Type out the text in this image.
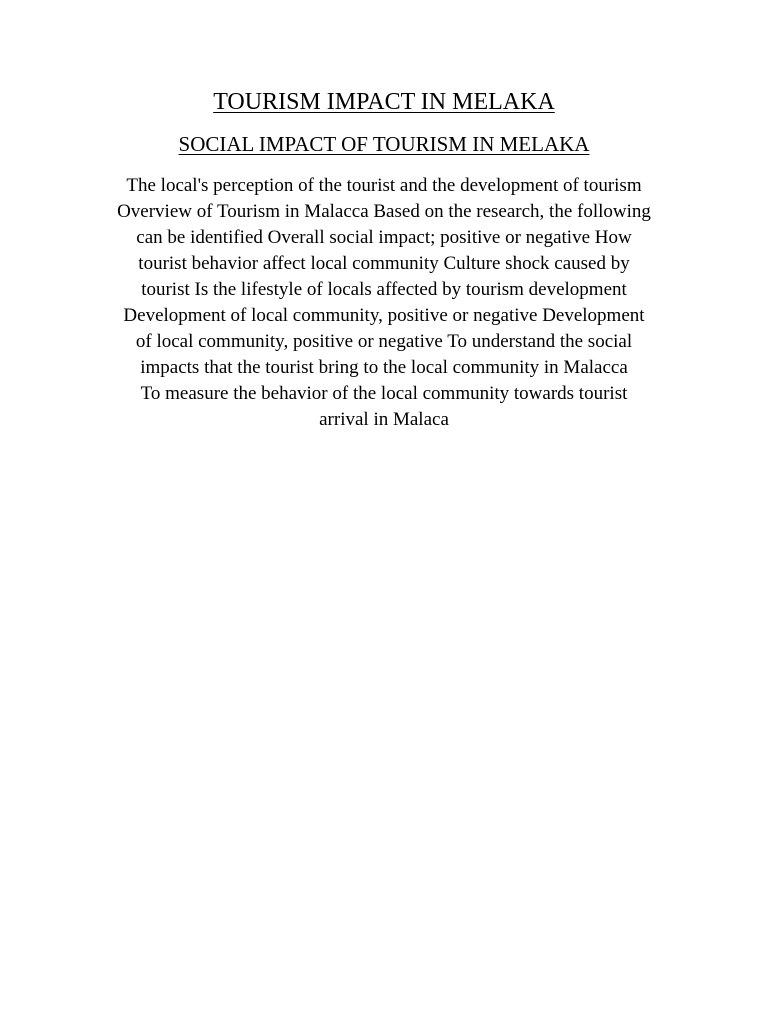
TOURISM IMPACT IN MELAKA
SOCIAL IMPACT OF TOURISM IN MELAKA

The local's perception of the tourist and the development of tourism
Overview of Tourism in Malacca Based on the research, the following
can be identified Overall social impact; positive or negative How
tourist behavior affect local community Culture shock caused by
tourist Is the lifestyle of locals affected by tourism development
Development of local community, positive or negative Development
of local community, positive or negative To understand the social
impacts that the tourist bring to the local community in Malacca
To measure the behavior of the local community towards tourist
arrival in Malaca
